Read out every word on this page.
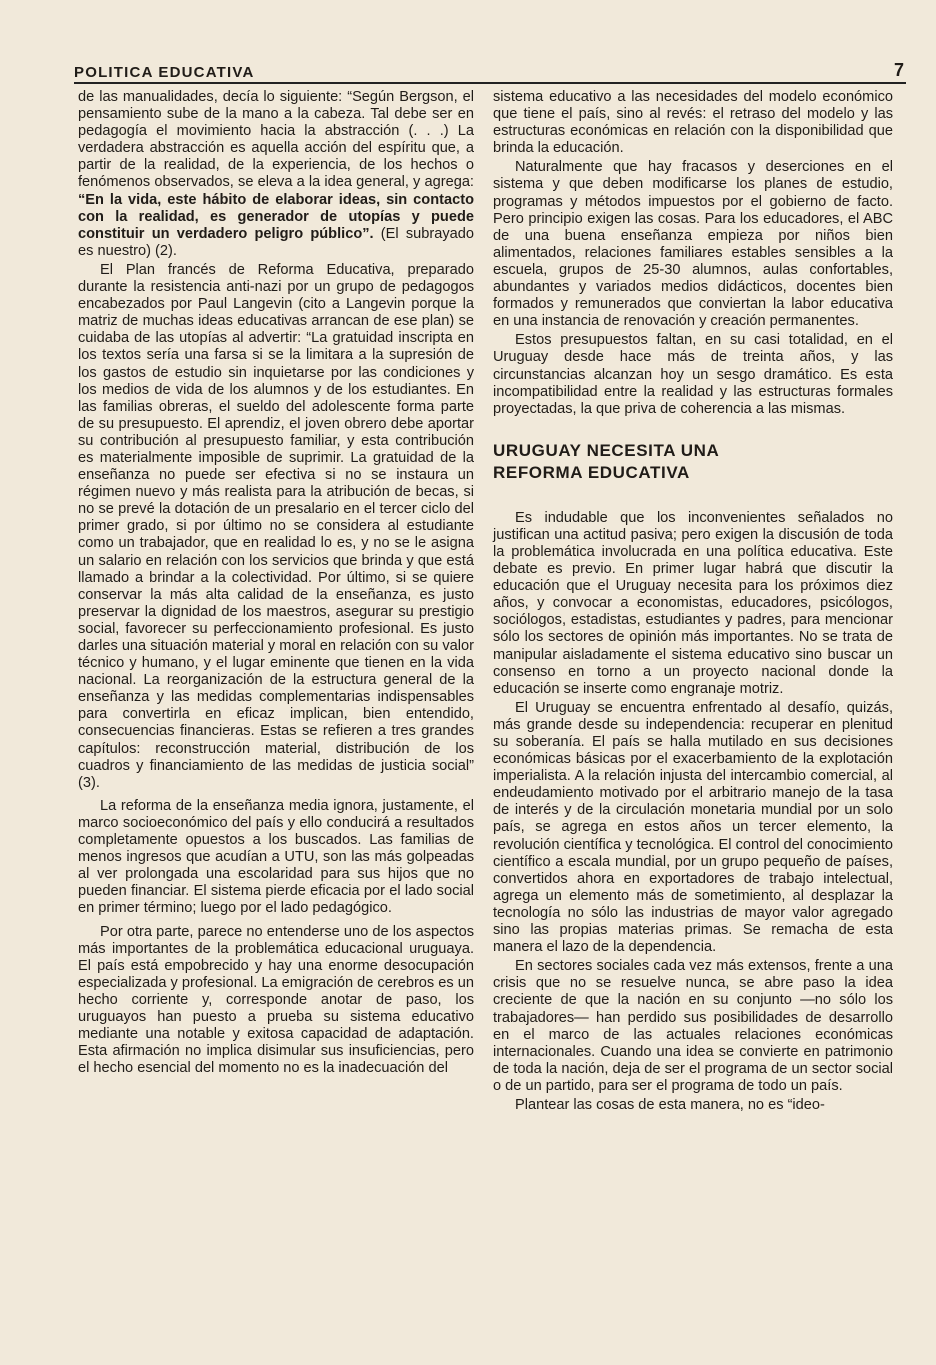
POLITICA EDUCATIVA	7

de las manualidades, decía lo siguiente: “Según Bergson, el pensamiento sube de la mano a la cabeza. Tal debe ser en pedagogía el movimiento hacia la abstracción (. . .) La verdadera abstracción es aquella acción del espíritu que, a partir de la realidad, de la experiencia, de los hechos o fenómenos observados, se eleva a la idea general, y agrega: “En la vida, este hábito de elaborar ideas, sin contacto con la realidad, es generador de utopías y puede constituir un verdadero peligro público”. (El subrayado es nuestro) (2).

El Plan francés de Reforma Educativa, preparado durante la resistencia anti-nazi por un grupo de pedagogos encabezados por Paul Langevin (cito a Langevin porque la matriz de muchas ideas educativas arrancan de ese plan) se cuidaba de las utopías al advertir: “La gratuidad inscripta en los textos sería una farsa si se la limitara a la supresión de los gastos de estudio sin inquietarse por las condiciones y los medios de vida de los alumnos y de los estudiantes. En las familias obreras, el sueldo del adolescente forma parte de su presupuesto. El aprendiz, el joven obrero debe aportar su contribución al presupuesto familiar, y esta contribución es materialmente imposible de suprimir. La gratuidad de la enseñanza no puede ser efectiva si no se instaura un régimen nuevo y más realista para la atribución de becas, si no se prevé la dotación de un presalario en el tercer ciclo del primer grado, si por último no se considera al estudiante como un trabajador, que en realidad lo es, y no se le asigna un salario en relación con los servicios que brinda y que está llamado a brindar a la colectividad. Por último, si se quiere conservar la más alta calidad de la enseñanza, es justo preservar la dignidad de los maestros, asegurar su prestigio social, favorecer su perfeccionamiento profesional. Es justo darles una situación material y moral en relación con su valor técnico y humano, y el lugar eminente que tienen en la vida nacional. La reorganización de la estructura general de la enseñanza y las medidas complementarias indispensables para convertirla en eficaz implican, bien entendido, consecuencias financieras. Estas se refieren a tres grandes capítulos: reconstrucción material, distribución de los cuadros y financiamiento de las medidas de justicia social” (3).

La reforma de la enseñanza media ignora, justamente, el marco socioeconómico del país y ello conducirá a resultados completamente opuestos a los buscados. Las familias de menos ingresos que acudían a UTU, son las más golpeadas al ver prolongada una escolaridad para sus hijos que no pueden financiar. El sistema pierde eficacia por el lado social en primer término; luego por el lado pedagógico.

Por otra parte, parece no entenderse uno de los aspectos más importantes de la problemática educacional uruguaya. El país está empobrecido y hay una enorme desocupación especializada y profesional. La emigración de cerebros es un hecho corriente y, corresponde anotar de paso, los uruguayos han puesto a prueba su sistema educativo mediante una notable y exitosa capacidad de adaptación. Esta afirmación no implica disimular sus insuficiencias, pero el hecho esencial del momento no es la inadecuación del

sistema educativo a las necesidades del modelo económico que tiene el país, sino al revés: el retraso del modelo y las estructuras económicas en relación con la disponibilidad que brinda la educación.

Naturalmente que hay fracasos y deserciones en el sistema y que deben modificarse los planes de estudio, programas y métodos impuestos por el gobierno de facto. Pero principio exigen las cosas. Para los educadores, el ABC de una buena enseñanza empieza por niños bien alimentados, relaciones familiares estables sensibles a la escuela, grupos de 25-30 alumnos, aulas confortables, abundantes y variados medios didácticos, docentes bien formados y remunerados que conviertan la labor educativa en una instancia de renovación y creación permanentes.

Estos presupuestos faltan, en su casi totalidad, en el Uruguay desde hace más de treinta años, y las circunstancias alcanzan hoy un sesgo dramático. Es esta incompatibilidad entre la realidad y las estructuras formales proyectadas, la que priva de coherencia a las mismas.

URUGUAY NECESITA UNA
REFORMA EDUCATIVA

Es indudable que los inconvenientes señalados no justifican una actitud pasiva; pero exigen la discusión de toda la problemática involucrada en una política educativa. Este debate es previo. En primer lugar habrá que discutir la educación que el Uruguay necesita para los próximos diez años, y convocar a economistas, educadores, psicólogos, sociólogos, estadistas, estudiantes y padres, para mencionar sólo los sectores de opinión más importantes. No se trata de manipular aisladamente el sistema educativo sino buscar un consenso en torno a un proyecto nacional donde la educación se inserte como engranaje motriz.

El Uruguay se encuentra enfrentado al desafío, quizás, más grande desde su independencia: recuperar en plenitud su soberanía. El país se halla mutilado en sus decisiones económicas básicas por el exacerbamiento de la explotación imperialista. A la relación injusta del intercambio comercial, al endeudamiento motivado por el arbitrario manejo de la tasa de interés y de la circulación monetaria mundial por un solo país, se agrega en estos años un tercer elemento, la revolución científica y tecnológica. El control del conocimiento científico a escala mundial, por un grupo pequeño de países, convertidos ahora en exportadores de trabajo intelectual, agrega un elemento más de sometimiento, al desplazar la tecnología no sólo las industrias de mayor valor agregado sino las propias materias primas. Se remacha de esta manera el lazo de la dependencia.

En sectores sociales cada vez más extensos, frente a una crisis que no se resuelve nunca, se abre paso la idea creciente de que la nación en su conjunto —no sólo los trabajadores— han perdido sus posibilidades de desarrollo en el marco de las actuales relaciones económicas internacionales. Cuando una idea se convierte en patrimonio de toda la nación, deja de ser el programa de un sector social o de un partido, para ser el programa de todo un país.

Plantear las cosas de esta manera, no es “ideo-
